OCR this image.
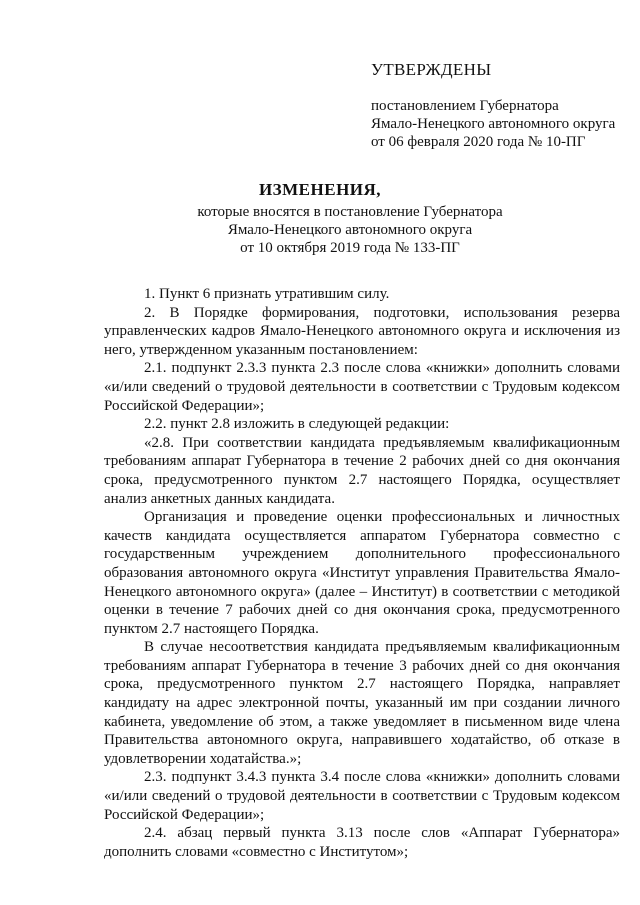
УТВЕРЖДЕНЫ
постановлением Губернатора
Ямало-Ненецкого автономного округа
от 06 февраля 2020 года № 10-ПГ
ИЗМЕНЕНИЯ,
которые вносятся в постановление Губернатора
Ямало-Ненецкого автономного округа
от 10 октября 2019 года № 133-ПГ

1. Пункт 6 признать утратившим силу.

2. В Порядке формирования, подготовки, использования резерва управленческих кадров Ямало-Ненецкого автономного округа и исключения из него, утвержденном указанным постановлением:

2.1. подпункт 2.3.3 пункта 2.3 после слова «книжки» дополнить словами «и/или сведений о трудовой деятельности в соответствии с Трудовым кодексом Российской Федерации»;

2.2. пункт 2.8 изложить в следующей редакции:

«2.8. При соответствии кандидата предъявляемым квалификационным требованиям аппарат Губернатора в течение 2 рабочих дней со дня окончания срока, предусмотренного пунктом 2.7 настоящего Порядка, осуществляет анализ анкетных данных кандидата.

Организация и проведение оценки профессиональных и личностных качеств кандидата осуществляется аппаратом Губернатора совместно с государственным учреждением дополнительного профессионального образования автономного округа «Институт управления Правительства Ямало-Ненецкого автономного округа» (далее – Институт) в соответствии с методикой оценки в течение 7 рабочих дней со дня окончания срока, предусмотренного пунктом 2.7 настоящего Порядка.

В случае несоответствия кандидата предъявляемым квалификационным требованиям аппарат Губернатора в течение 3 рабочих дней со дня окончания срока, предусмотренного пунктом 2.7 настоящего Порядка, направляет кандидату на адрес электронной почты, указанный им при создании личного кабинета, уведомление об этом, а также уведомляет в письменном виде члена Правительства автономного округа, направившего ходатайство, об отказе в удовлетворении ходатайства.»;

2.3. подпункт 3.4.3 пункта 3.4 после слова «книжки» дополнить словами «и/или сведений о трудовой деятельности в соответствии с Трудовым кодексом Российской Федерации»;

2.4. абзац первый пункта 3.13 после слов «Аппарат Губернатора» дополнить словами «совместно с Институтом»;
